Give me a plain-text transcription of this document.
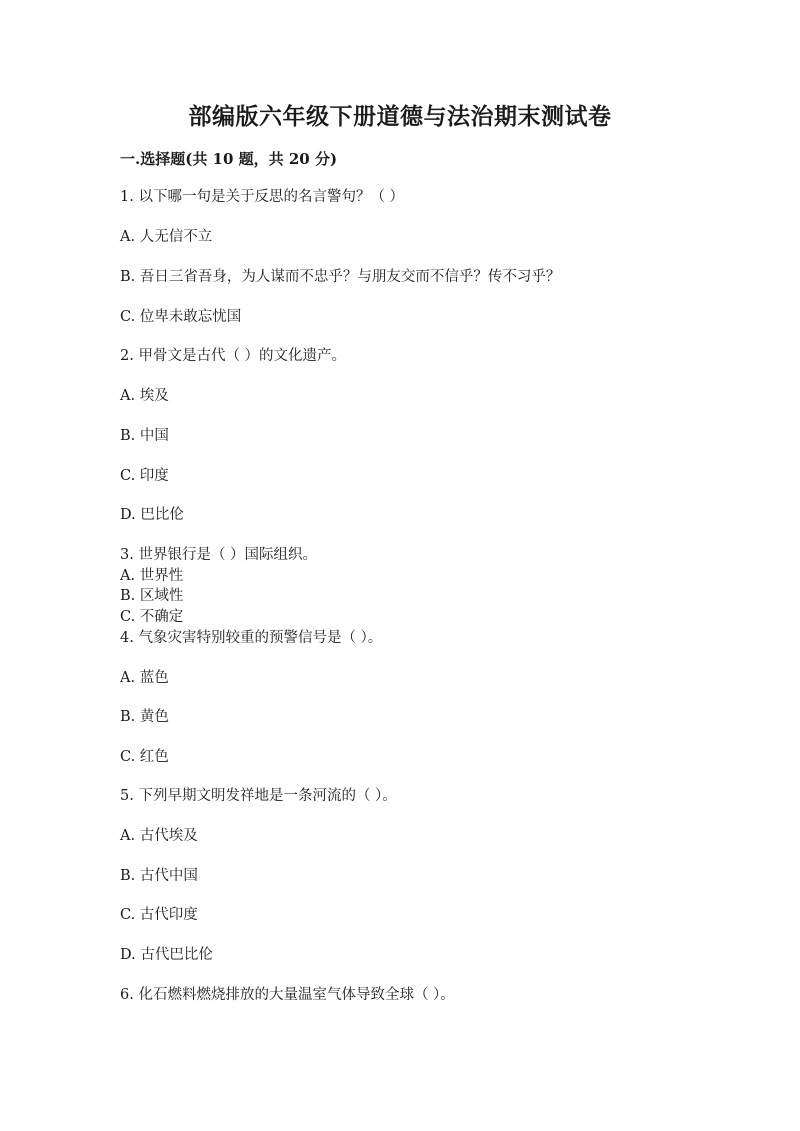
部编版六年级下册道德与法治期末测试卷
一.选择题(共 10 题，共 20 分)
1. 以下哪一句是关于反思的名言警句？（ ）
A. 人无信不立
B. 吾日三省吾身，为人谋而不忠乎？与朋友交而不信乎？传不习乎？
C. 位卑未敢忘忧国
2. 甲骨文是古代（ ）的文化遗产。
A. 埃及
B. 中国
C. 印度
D. 巴比伦
3. 世界银行是（ ）国际组织。
A. 世界性
B. 区域性
C. 不确定
4. 气象灾害特别较重的预警信号是（ ）。
A. 蓝色
B. 黄色
C. 红色
5. 下列早期文明发祥地是一条河流的（ ）。
A. 古代埃及
B. 古代中国
C. 古代印度
D. 古代巴比伦
6. 化石燃料燃烧排放的大量温室气体导致全球（ ）。
